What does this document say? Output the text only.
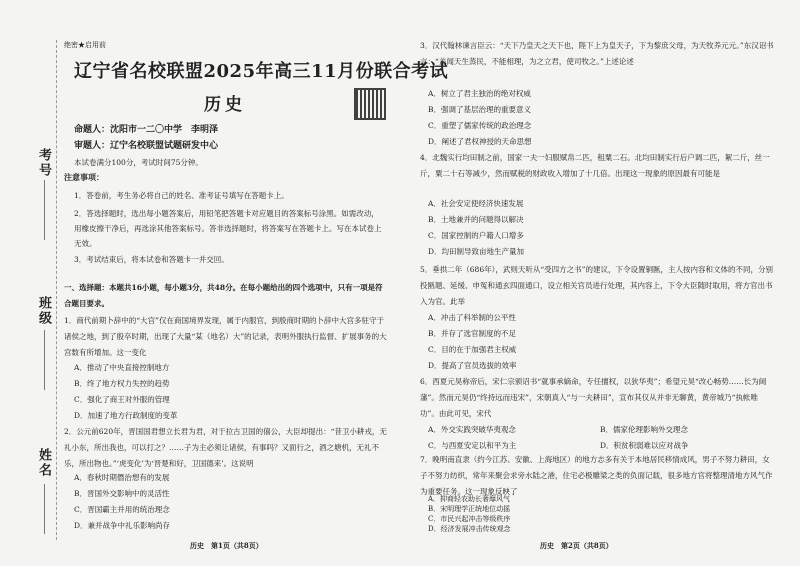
考号
班级
姓名
绝密★启用前
辽宁省名校联盟2025年高三11月份联合考试
历史
命题人：沈阳市一二〇中学　李明泽
审题人：辽宁名校联盟试题研发中心
本试卷满分100分，考试时间75分钟。
注意事项：
1．答卷前，考生务必将自己的姓名、准考证号填写在答题卡上。
2．答选择题时，选出每小题答案后，用铅笔把答题卡对应题目的答案标号涂黑。如需改动，用橡皮擦干净后，再选涂其他答案标号。答非选择题时，将答案写在答题卡上。写在本试卷上无效。
3．考试结束后，将本试卷和答题卡一并交回。
一、选择题：本题共16小题，每小题3分，共48分。在每小题给出的四个选项中，只有一项是符合题目要求。
1．商代前期卜辞中的“大宫”仅在商国境界发现，属于内服官，到殷商时期的卜辞中大宫多驻守于诸侯之地，到了殷卒时期，出现了大量“某（地名）大”的记录，表明外服执行监督、扩展事务的大宫数有所增加。这一变化
A．推动了中央直接控制地方
B．终了地方权力失控的趋势
C．强化了商王对外服的管理
D．加速了地方行政制度的变革
2．公元前620年，晋国国君想立长君为君，对于拉古卫国的僖公，大臣却提出：“昔卫小耕戎，无礼小东，所出我也，可以打之？……子为主必须让诸侯，有事吗？又面行之，酒之塘机，无礼不乐，所出物也。”‘虎变化’为‘晋楚和好，卫国德来’。这说明
A．春秋时期僭治想有的发展
B．晋国外交影响中的灵活性
C．晋国霸主并用的统治理念
D．兼并战争中礼乐影响尚存
历史　第1页（共8页）
3．汉代翰林谏言臣云：“天下乃皇天之天下也，陛下上为皇天子，下为黎庶父母，为天牧养元元。”东汉诏书言：“盖闻天生蒸民，不能相理，为之立君，使司牧之。”上述论述
A．树立了君主独治的绝对权威
B．强调了基层治理的重要意义
C．重塑了儒家传统的政治理念
D．阐述了君权神授的天命思想
4．北魏实行均田制之前，国家一夫一妇服赋帛二匹，租粟二石。北均田制实行后户调二匹，絮二斤，丝一斤，粟二十石等减少，然而赋税的财政收入增加了十几倍。出现这一现象的原因最有可能是
A．社会安定使经济快速发展
B．土地兼并的问题得以解决
C．国家控制的户籍人口增多
D．均田制导致亩地生产量加
5．垂拱二年（686年），武则天听从“受四方之书”的建议，下令设置铜匦，主人按内容和文体的不同，分别投匦题、延缓、申冤和通玄四面通口，设立相关官员进行处理，其内容上，下令大臣随时取用，将方官出书入为官。此举
A．冲击了科举制的公平性
B．并存了选官制度的不足
C．目的在于加强君主权威
D．提高了官员选拔的效率
6．西夏元昊称帝后，宋仁宗颁诏书“就事承嫡命，专任擅权，以狄华夷”；希望元昊“改心畅势……长为阃藩”。然而元昊仍“终持远而违宋”，宋朝真人“与一夫耕田”，宣布其仅从并非无聊黄，黄帝城乃“执帐唯功”。由此可见，宋代
A．外交实践突破华夷观念	B．儒家伦理影响外交理念
C．与西夏安定以和平为主	D．积贫积弱难以应对战争
7．晚明南直隶（约今江苏、安徽、上海地区）的地方志多有关于本地居民移情成风，男子不努力耕田，女子不努力纺织，常年来聚会求旁水陆之港，住宅必极雕梁之类的负面记载，很多地方官将整理清地方风气作为重要任务。这一现象反映了
A．抑商轻农助长奢靡风气
B．宋明理学正统地位动摇
C．市民兴起冲击等级秩序
D．经济发展冲击传统观念
历史　第2页（共8页）
